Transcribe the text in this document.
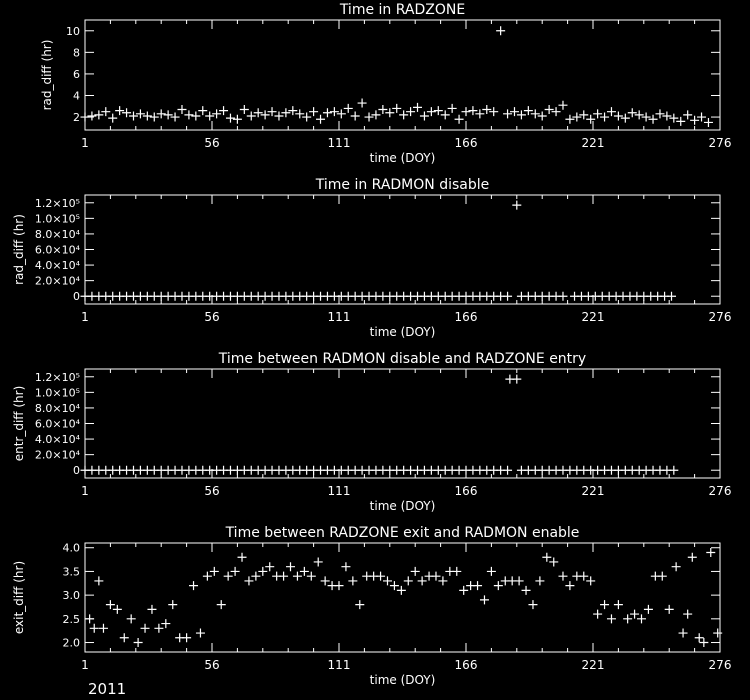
Time in RADZONE
time (DOY)
rad_diff (hr)
1	56	111	166	221	276
2
4
6
8
10
Time in RADMON disable
time (DOY)
rad_diff (hr)
1	56	111	166	221	276
0
2.0×10⁴
4.0×10⁴
6.0×10⁴
8.0×10⁴
1.0×10⁵
1.2×10⁵
Time between RADMON disable and RADZONE entry
time (DOY)
entr_diff (hr)
1	56	111	166	221	276
0
2.0×10⁴
4.0×10⁴
6.0×10⁴
8.0×10⁴
1.0×10⁵
1.2×10⁵
Time between RADZONE exit and RADMON enable
time (DOY)
exit_diff (hr)
1	56	111	166	221	276
2.0
2.5
3.0
3.5
4.0
2011
